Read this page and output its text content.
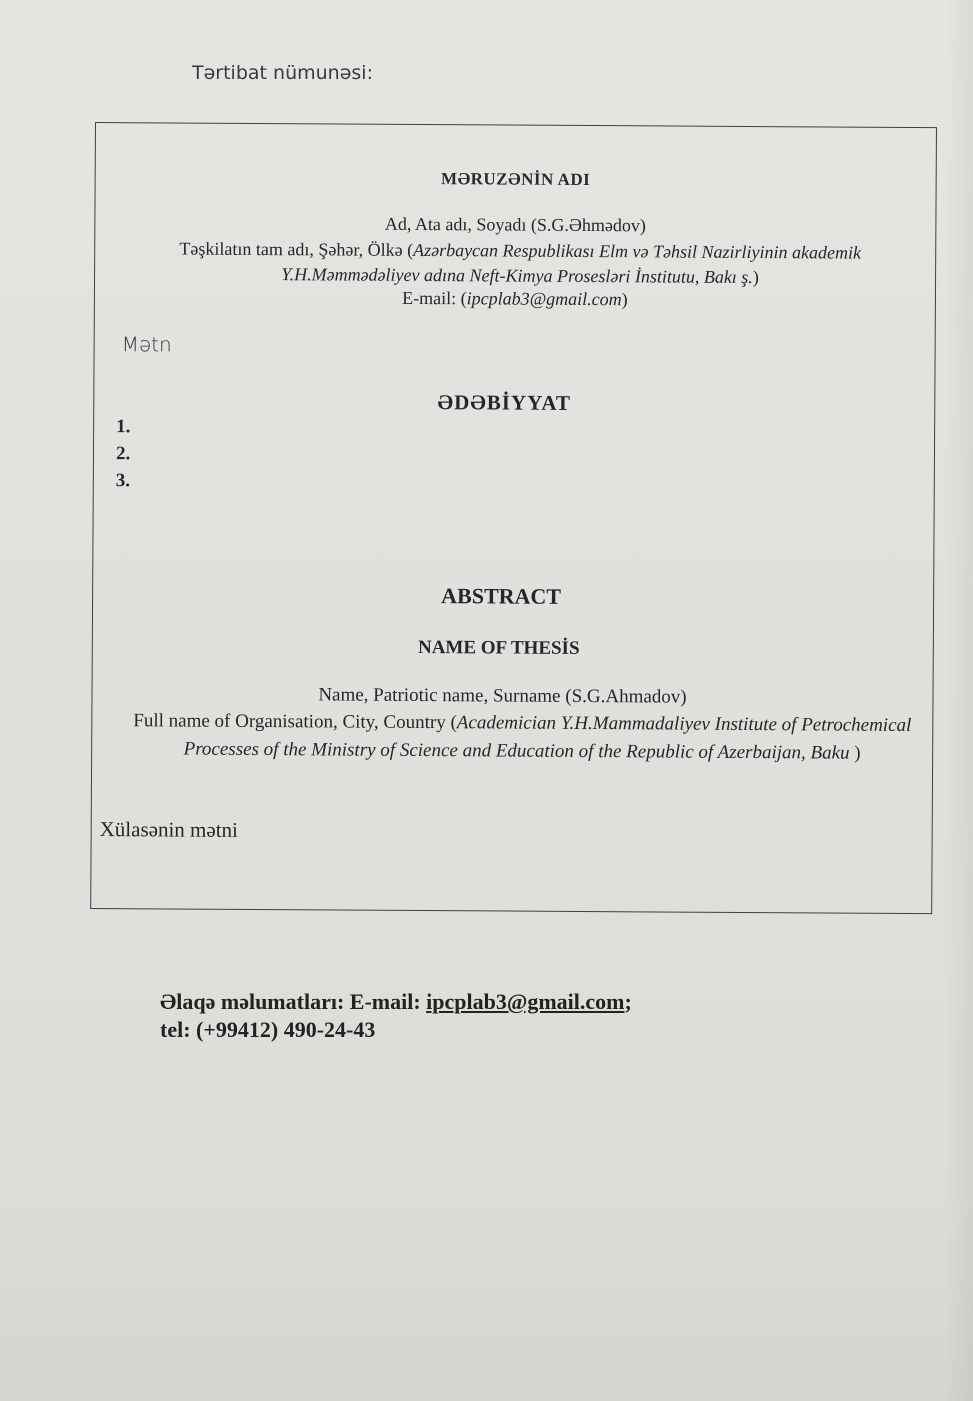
Tərtibat nümunəsi:
MƏRUZƏNİN ADI
Ad, Ata adı, Soyadı (S.G.Əhmədov)
Təşkilatın tam adı, Şəhər, Ölkə (Azərbaycan Respublikası Elm və Təhsil Nazirliyinin akademik Y.H.Məmmədəliyev adına Neft-Kimya Prosesləri İnstitutu, Bakı ş.)
E-mail: (ipcplab3@gmail.com)
Mətn
ƏDƏBİYYAT
1.
2.
3.
ABSTRACT
NAME OF THESİS
Name, Patriotic name, Surname (S.G.Ahmadov)
Full name of Organisation, City, Country (Academician Y.H.Mammadaliyev Institute of Petrochemical Processes of the Ministry of Science and Education of the Republic of Azerbaijan, Baku )
Xülasənin mətni
Əlaqə məlumatları: E-mail: ipcplab3@gmail.com;
tel: (+99412) 490-24-43
